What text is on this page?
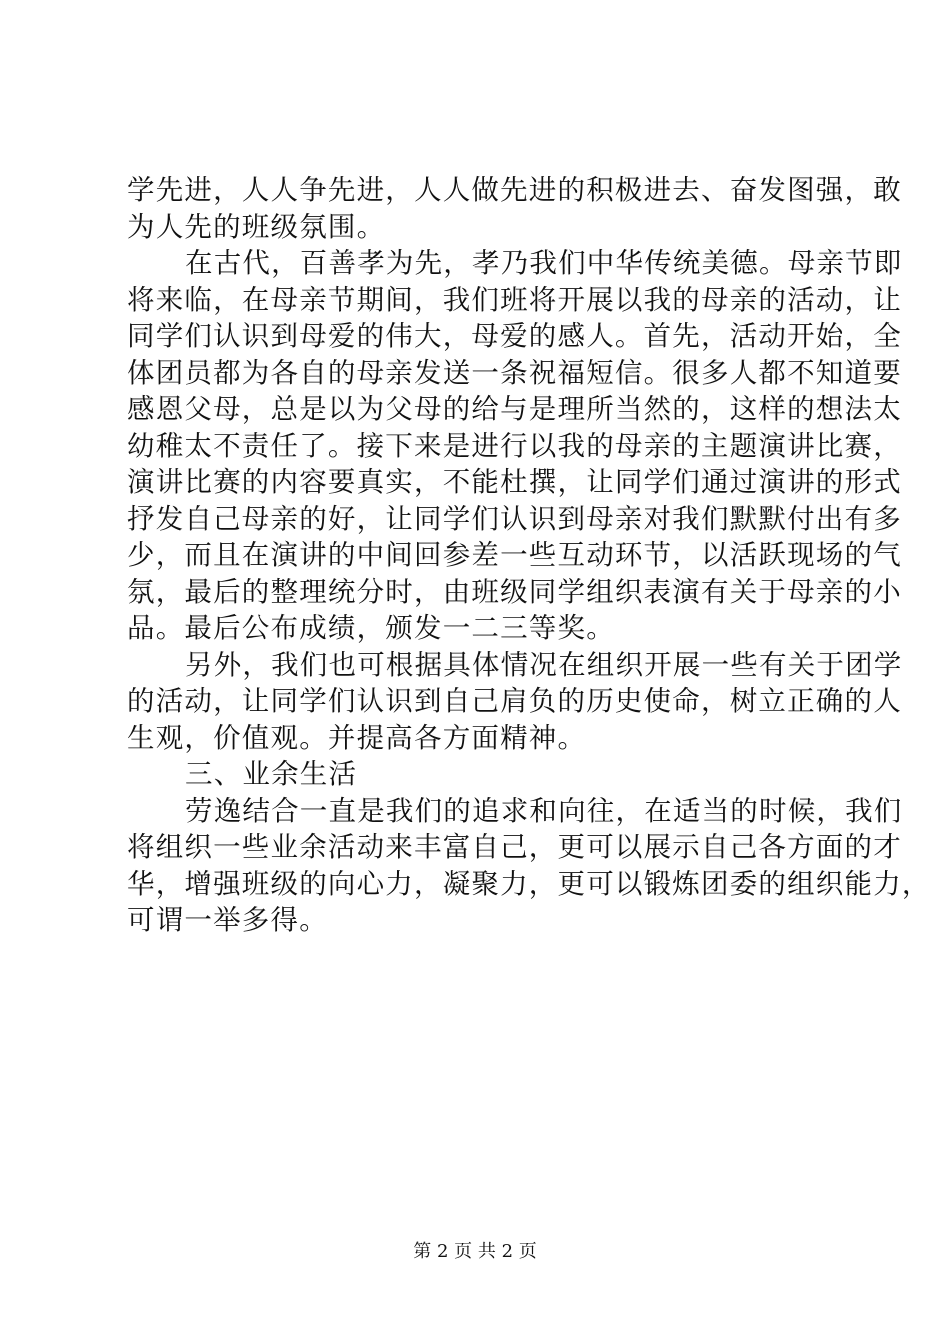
学先进，人人争先进，人人做先进的积极进去、奋发图强，敢
为人先的班级氛围。
在古代，百善孝为先，孝乃我们中华传统美德。母亲节即
将来临，在母亲节期间，我们班将开展以我的母亲的活动，让
同学们认识到母爱的伟大，母爱的感人。首先，活动开始，全
体团员都为各自的母亲发送一条祝福短信。很多人都不知道要
感恩父母，总是以为父母的给与是理所当然的，这样的想法太
幼稚太不责任了。接下来是进行以我的母亲的主题演讲比赛，
演讲比赛的内容要真实，不能杜撰，让同学们通过演讲的形式
抒发自己母亲的好，让同学们认识到母亲对我们默默付出有多
少，而且在演讲的中间回参差一些互动环节，以活跃现场的气
氛，最后的整理统分时，由班级同学组织表演有关于母亲的小
品。最后公布成绩，颁发一二三等奖。
另外，我们也可根据具体情况在组织开展一些有关于团学
的活动，让同学们认识到自己肩负的历史使命，树立正确的人
生观，价值观。并提高各方面精神。
三、业余生活
劳逸结合一直是我们的追求和向往，在适当的时候，我们
将组织一些业余活动来丰富自己，更可以展示自己各方面的才
华，增强班级的向心力，凝聚力，更可以锻炼团委的组织能力，
可谓一举多得。
第 2 页 共 2 页
